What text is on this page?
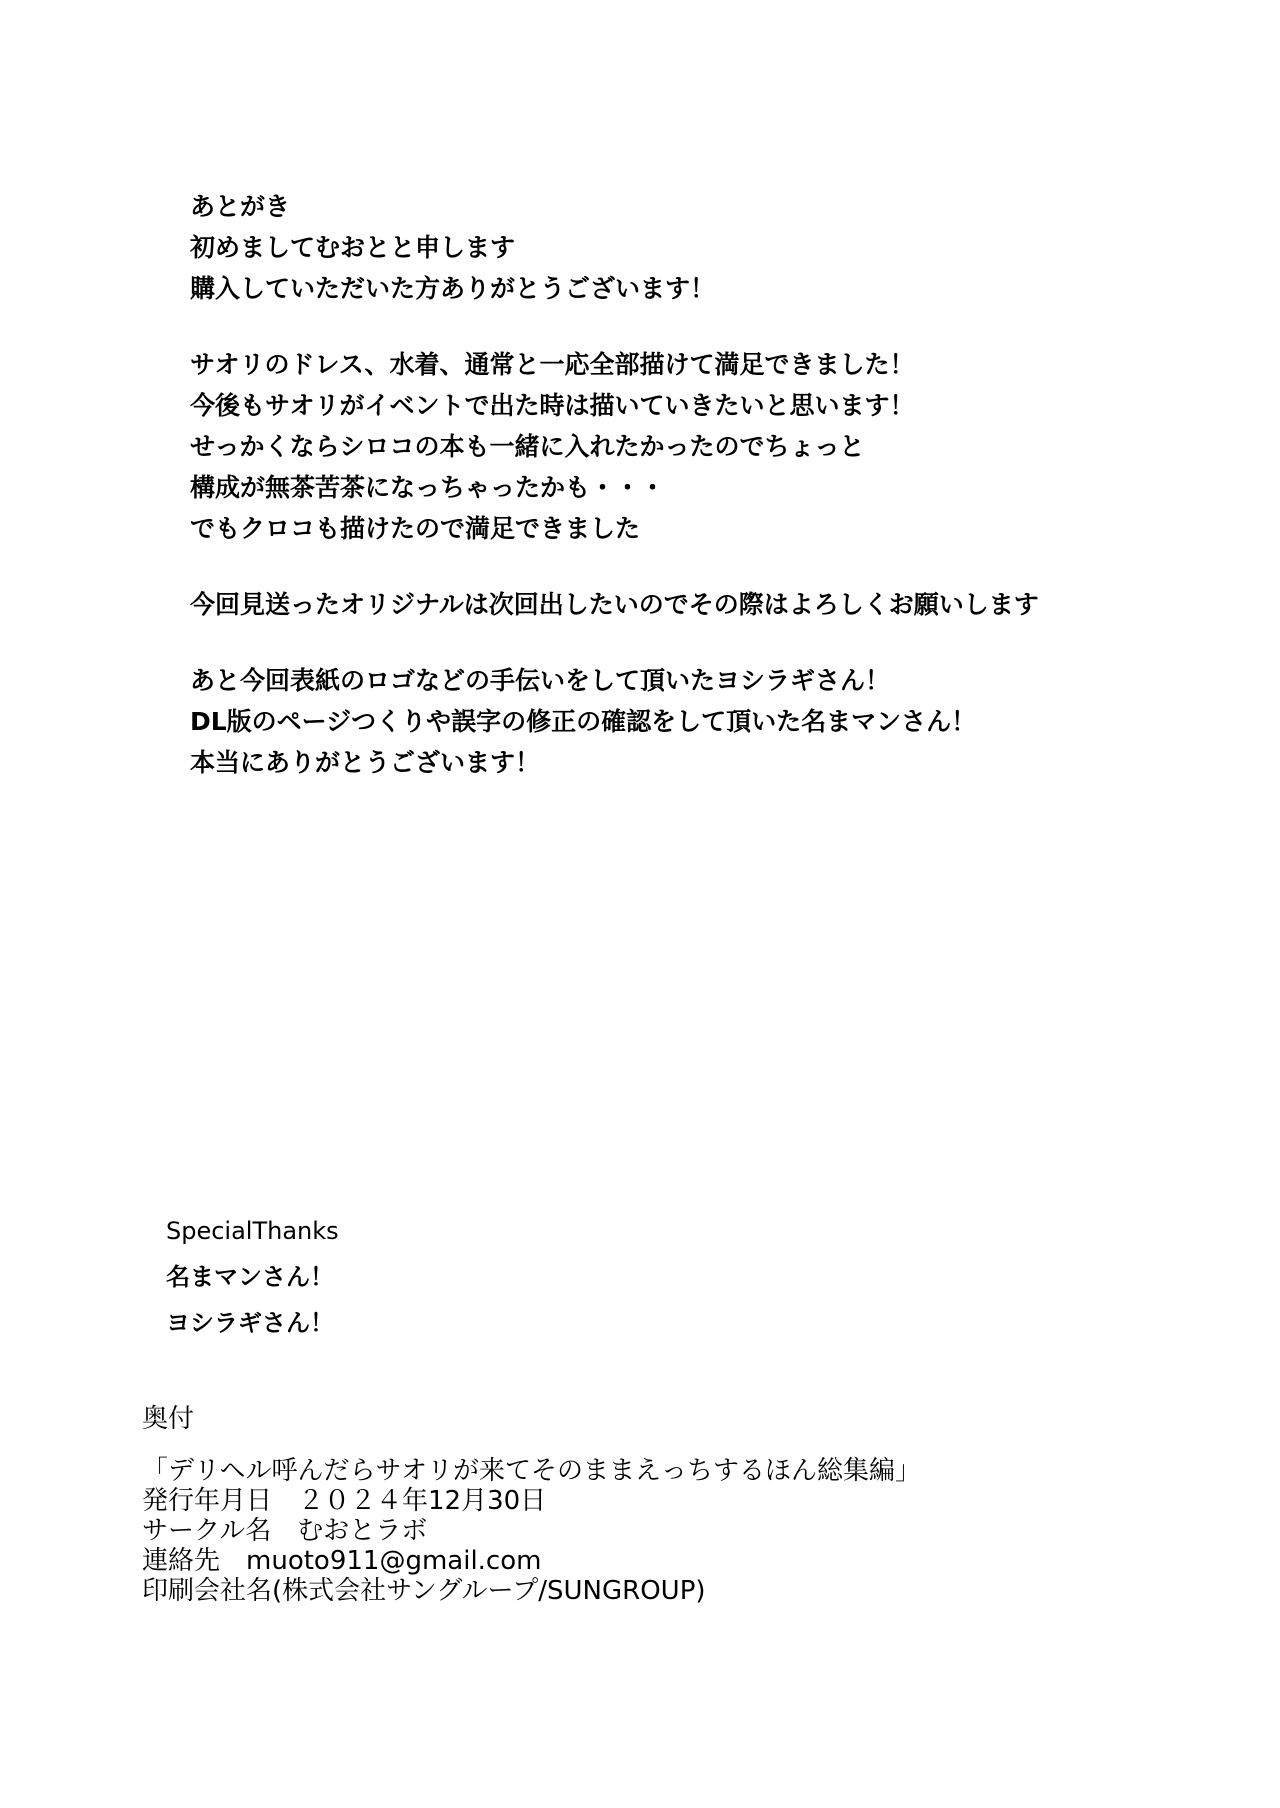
あとがき
初めましてむおとと申します
購入していただいた方ありがとうございます！
サオリのドレス、水着、通常と一応全部描けて満足できました！
今後もサオリがイベントで出た時は描いていきたいと思います！
せっかくならシロコの本も一緒に入れたかったのでちょっと
構成が無茶苦茶になっちゃったかも・・・
でもクロコも描けたので満足できました
今回見送ったオリジナルは次回出したいのでその際はよろしくお願いします
あと今回表紙のロゴなどの手伝いをして頂いたヨシラギさん！
DL版のページつくりや誤字の修正の確認をして頂いた名まマンさん！
本当にありがとうございます！
SpecialThanks
名まマンさん！
ヨシラギさん！
奥付
「デリヘル呼んだらサオリが来てそのままえっちするほん総集編」
発行年月日 ２０２４年12月30日
サークル名 むおとラボ
連絡先 muoto911@gmail.com
印刷会社名(株式会社サングループ/SUNGROUP)
